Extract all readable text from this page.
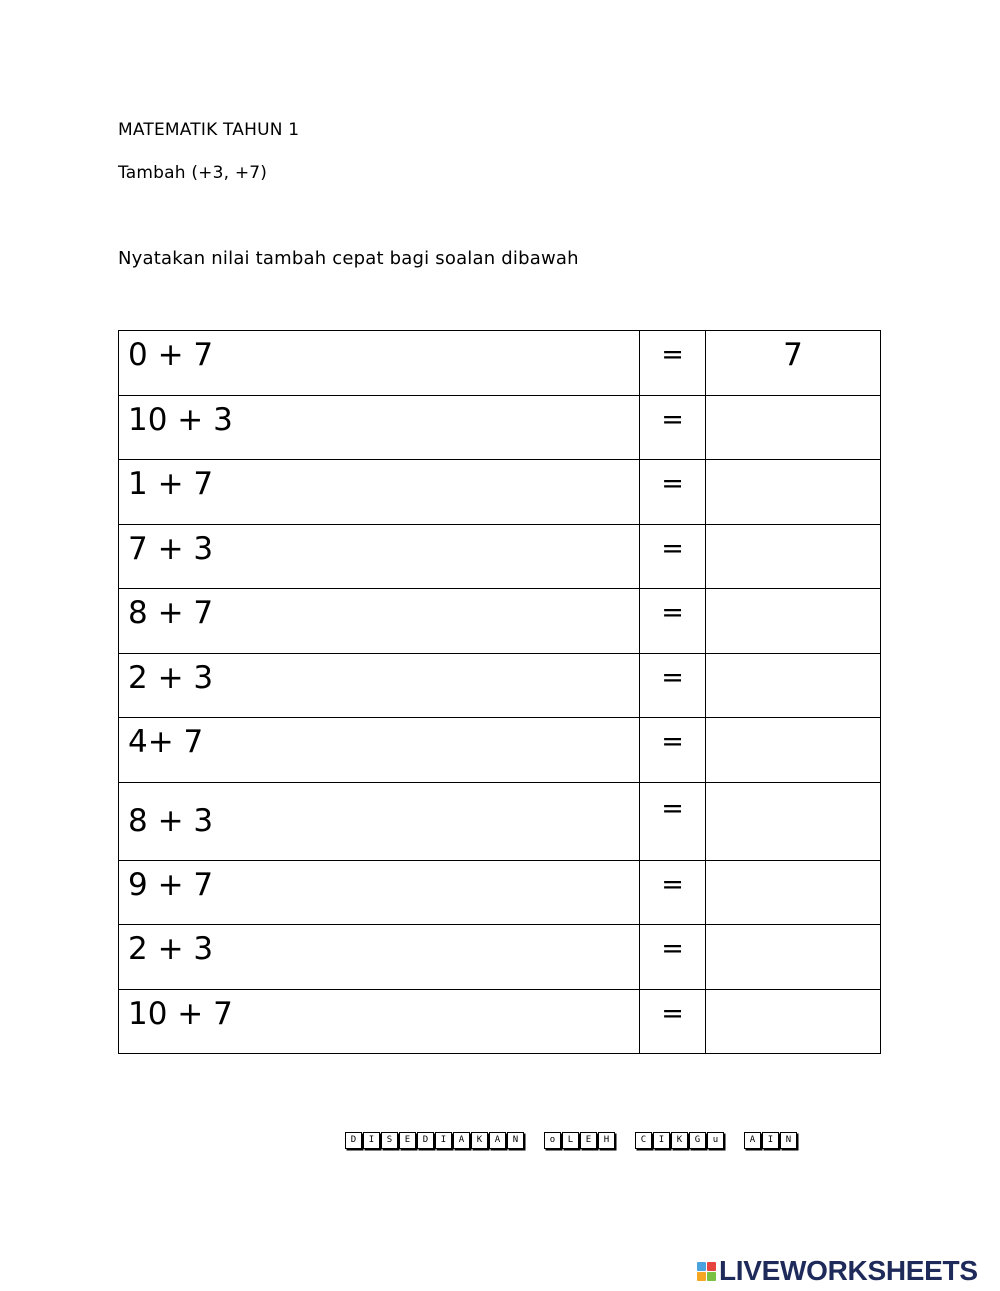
MATEMATIK TAHUN 1
Tambah (+3, +7)
Nyatakan nilai tambah cepat bagi soalan dibawah
0 + 7	=	7
10 + 3	=	
1 + 7	=	
7 + 3	=	
8 + 7	=	
2 + 3	=	
4+ 7	=	
8 + 3	=	
9 + 7	=	
2 + 3	=	
10 + 7	=	
D	I	S	E	D	I	A	K	A	N	o	L	E	H	C	I	K	G	u	A	I	N
LIVEWORKSHEETS
